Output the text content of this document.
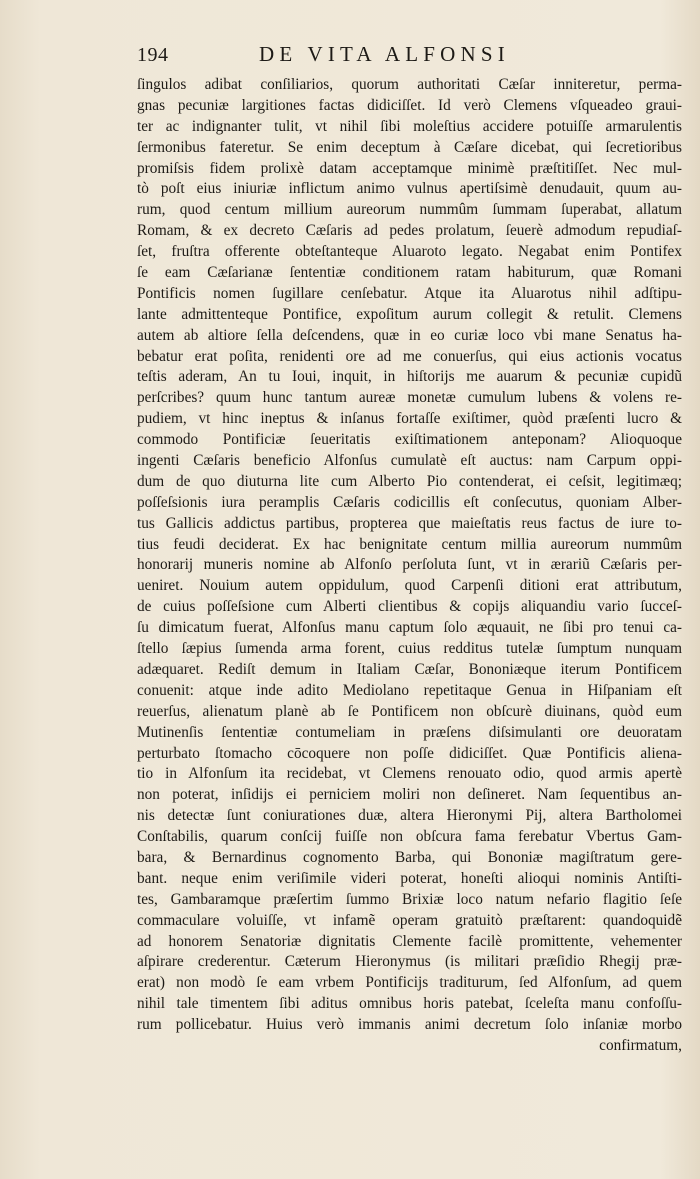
194	DE VITA ALFONSI
ſingulos adibat conſiliarios, quorum authoritati Cæſar inniteretur, perma-
gnas pecuniæ largitiones factas didiciſſet. Id verò Clemens vſqueadeo graui-
ter ac indignanter tulit, vt nihil ſibi moleſtius accidere potuiſſe armarulentis
ſermonibus fateretur. Se enim deceptum à Cæſare dicebat, qui ſecretioribus
promiſsis fidem prolixè datam acceptamque minimè præſtitiſſet. Nec mul-
tò poſt eius iniuriæ inflictum animo vulnus apertiſsimè denudauit, quum au-
rum, quod centum millium aureorum nummûm ſummam ſuperabat, allatum
Romam, & ex decreto Cæſaris ad pedes prolatum, ſeuerè admodum repudiaſ-
ſet, fruſtra offerente obteſtanteque Aluaroto legato. Negabat enim Pontifex
ſe eam Cæſarianæ ſententiæ conditionem ratam habiturum, quæ Romani
Pontificis nomen ſugillare cenſebatur. Atque ita Aluarotus nihil adſtipu-
lante admittenteque Pontifice, expoſitum aurum collegit & retulit. Clemens
autem ab altiore ſella deſcendens, quæ in eo curiæ loco vbi mane Senatus ha-
bebatur erat poſita, renidenti ore ad me conuerſus, qui eius actionis vocatus
teſtis aderam, An tu Ioui, inquit, in hiſtorijs me auarum & pecuniæ cupidũ
perſcribes? quum hunc tantum aureæ monetæ cumulum lubens & volens re-
pudiem, vt hinc ineptus & inſanus fortaſſe exiſtimer, quòd præſenti lucro &
commodo Pontificiæ ſeueritatis exiſtimationem anteponam? Alioquoque
ingenti Cæſaris beneficio Alfonſus cumulatè eſt auctus: nam Carpum oppi-
dum de quo diuturna lite cum Alberto Pio contenderat, ei ceſsit, legitimæq;
poſſeſsionis iura peramplis Cæſaris codicillis eſt conſecutus, quoniam Alber-
tus Gallicis addictus partibus, propterea que maieſtatis reus factus de iure to-
tius feudi deciderat. Ex hac benignitate centum millia aureorum nummûm
honorarij muneris nomine ab Alfonſo perſoluta ſunt, vt in ærariũ Cæſaris per-
ueniret. Nouium autem oppidulum, quod Carpenſi ditioni erat attributum,
de cuius poſſeſsione cum Alberti clientibus & copijs aliquandiu vario ſucceſ-
ſu dimicatum fuerat, Alfonſus manu captum ſolo æquauit, ne ſibi pro tenui ca-
ſtello ſæpius ſumenda arma forent, cuius redditus tutelæ ſumptum nunquam
adæquaret. Rediſt demum in Italiam Cæſar, Bononiæque iterum Pontificem
conuenit: atque inde adito Mediolano repetitaque Genua in Hiſpaniam eſt
reuerſus, alienatum planè ab ſe Pontificem non obſcurè diuinans, quòd eum
Mutinenſis ſententiæ contumeliam in præſens diſsimulanti ore deuoratam
perturbato ſtomacho cōcoquere non poſſe didiciſſet. Quæ Pontificis aliena-
tio in Alfonſum ita recidebat, vt Clemens renouato odio, quod armis apertè
non poterat, inſidijs ei perniciem moliri non deſineret. Nam ſequentibus an-
nis detectæ ſunt coniurationes duæ, altera Hieronymi Pij, altera Bartholomei
Conſtabilis, quarum conſcij fuiſſe non obſcura fama ferebatur Vbertus Gam-
bara, & Bernardinus cognomento Barba, qui Bononiæ magiſtratum gere-
bant. neque enim veriſimile videri poterat, honeſti alioqui nominis Antiſti-
tes, Gambaramque præſertim ſummo Brixiæ loco natum nefario flagitio ſeſe
commaculare voluiſſe, vt infamẽ operam gratuitò præſtarent: quandoquidẽ
ad honorem Senatoriæ dignitatis Clemente facilè promittente, vehementer
aſpirare crederentur. Cæterum Hieronymus (is militari præſidio Rhegij præ-
erat) non modò ſe eam vrbem Pontificijs traditurum, ſed Alfonſum, ad quem
nihil tale timentem ſibi aditus omnibus horis patebat, ſceleſta manu confoſſu-
rum pollicebatur. Huius verò immanis animi decretum ſolo inſaniæ morbo
confirmatum,
